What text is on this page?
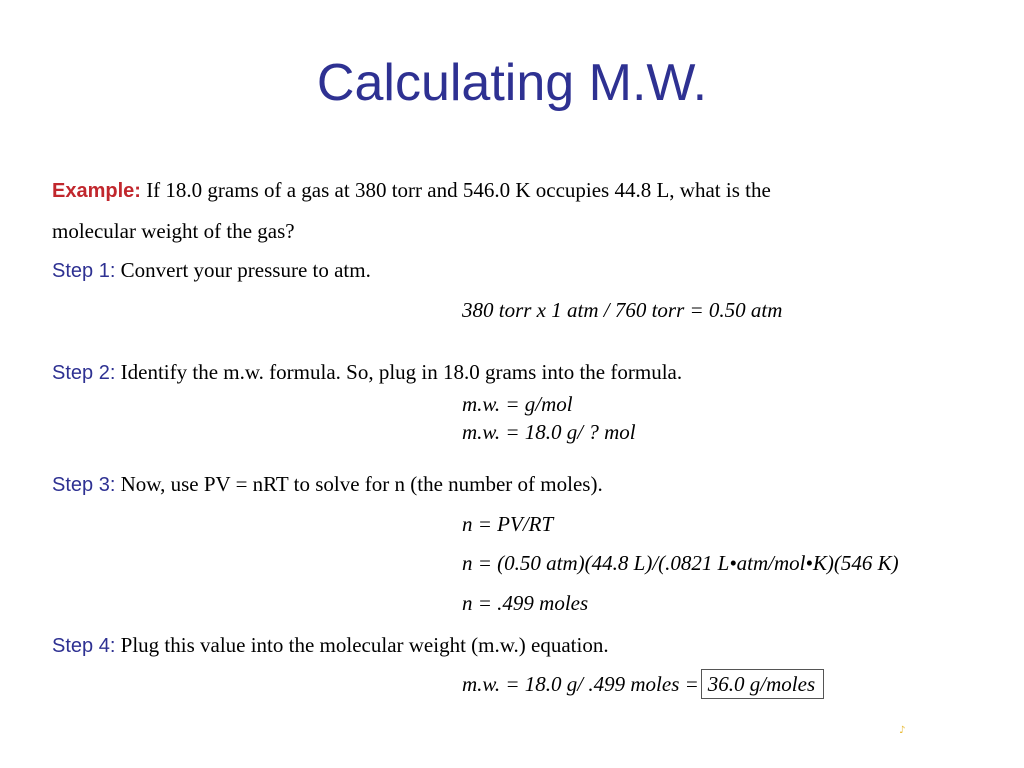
Calculating M.W.
Example: If 18.0 grams of a gas at 380 torr and 546.0 K occupies 44.8 L, what is the
molecular weight of the gas?
Step 1: Convert your pressure to atm.
380 torr x 1 atm / 760 torr = 0.50 atm
Step 2: Identify the m.w. formula. So, plug in 18.0 grams into the formula.
m.w. = g/mol
m.w. = 18.0 g/ ? mol
Step 3: Now, use PV = nRT to solve for n (the number of moles).
n = PV/RT
n = (0.50 atm)(44.8 L)/(.0821 L•atm/mol•K)(546 K)
n = .499 moles
Step 4: Plug this value into the molecular weight (m.w.) equation.
m.w. = 18.0 g/ .499 moles = 36.0 g/moles
♪
